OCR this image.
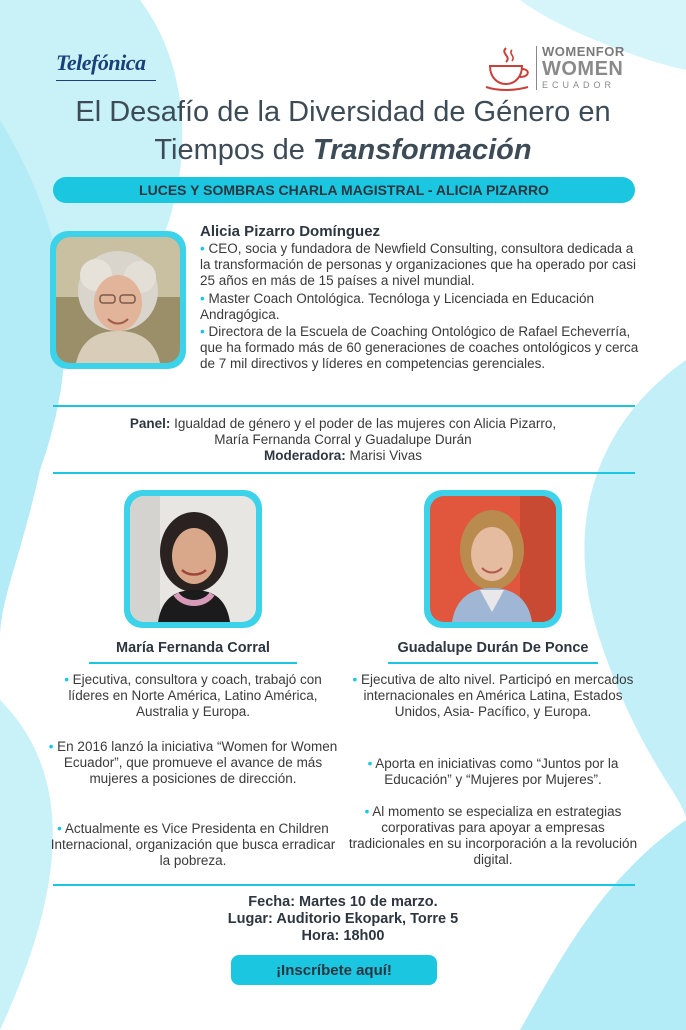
Telefónica	WOMENFOR
WOMEN
ECUADOR
El Desafío de la Diversidad de Género en
Tiempos de Transformación
LUCES Y SOMBRAS CHARLA MAGISTRAL - ALICIA PIZARRO
Alicia Pizarro Domínguez
• CEO, socia y fundadora de Newfield Consulting, consultora dedicada a la transformación de personas y organizaciones que ha operado por casi 25 años en más de 15 países a nivel mundial.
• Master Coach Ontológica. Tecnóloga y Licenciada en Educación Andragógica.
• Directora de la Escuela de Coaching Ontológico de Rafael Echeverría, que ha formado más de 60 generaciones de coaches ontológicos y cerca de 7 mil directivos y líderes en competencias gerenciales.
Panel: Igualdad de género y el poder de las mujeres con Alicia Pizarro,
María Fernanda Corral y Guadalupe Durán
Moderadora: Marisi Vivas
María Fernanda Corral	Guadalupe Durán De Ponce
• Ejecutiva, consultora y coach, trabajó con líderes en Norte América, Latino América, Australia y Europa.
• En 2016 lanzó la iniciativa “Women for Women Ecuador”, que promueve el avance de más mujeres a posiciones de dirección.
• Actualmente es Vice Presidenta en Children Internacional, organización que busca erradicar la pobreza.
• Ejecutiva de alto nivel. Participó en mercados internacionales en América Latina, Estados Unidos, Asia- Pacífico, y Europa.
• Aporta en iniciativas como “Juntos por la Educación” y “Mujeres por Mujeres”.
• Al momento se especializa en estrategias corporativas para apoyar a empresas tradicionales en su incorporación a la revolución digital.
Fecha: Martes 10 de marzo.
Lugar: Auditorio Ekopark, Torre 5
Hora: 18h00
¡Inscríbete aquí!
